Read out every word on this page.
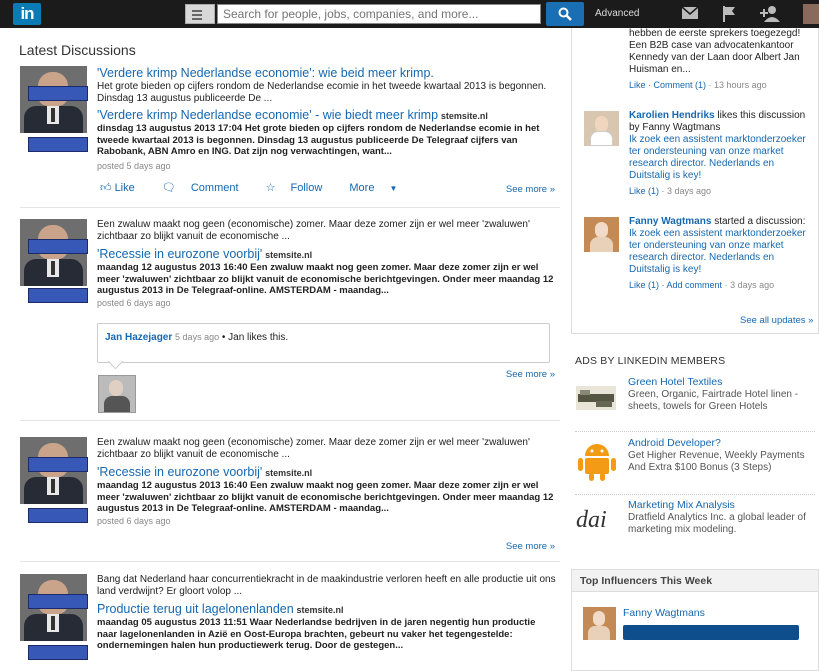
in
Search for people, jobs, companies, and more...	Advanced
Latest Discussions
'Verdere krimp Nederlandse economie': wie beid meer krimp.
Het grote bieden op cijfers rondom de Nederlandse ecomie in het tweede kwartaal 2013 is begonnen. Dinsdag 13 augustus publiceerde De ...
'Verdere krimp Nederlandse economie' - wie biedt meer krimp stemsite.nl
dinsdag 13 augustus 2013 17:04 Het grote bieden op cijfers rondom de Nederlandse ecomie in het tweede kwartaal 2013 is begonnen. Dinsdag 13 augustus publiceerde De Telegraaf cijfers van Rabobank, ABN Amro en ING. Dat zijn nog verwachtingen, want...
posted 5 days ago
👍︎ Like 🗨︎ Comment ☆ Follow More ▼	See more »
Een zwaluw maakt nog geen (economische) zomer. Maar deze zomer zijn er wel meer 'zwaluwen' zichtbaar zo blijkt vanuit de economische ...
'Recessie in eurozone voorbij' stemsite.nl
maandag 12 augustus 2013 16:40 Een zwaluw maakt nog geen zomer. Maar deze zomer zijn er wel meer 'zwaluwen' zichtbaar zo blijkt vanuit de economische berichtgevingen. Onder meer maandag 12 augustus 2013 in De Telegraaf-online. AMSTERDAM - maandag...
posted 6 days ago
Jan Hazejager 5 days ago • Jan likes this.
See more »
Een zwaluw maakt nog geen (economische) zomer. Maar deze zomer zijn er wel meer 'zwaluwen' zichtbaar zo blijkt vanuit de economische ...
'Recessie in eurozone voorbij' stemsite.nl
maandag 12 augustus 2013 16:40 Een zwaluw maakt nog geen zomer. Maar deze zomer zijn er wel meer 'zwaluwen' zichtbaar zo blijkt vanuit de economische berichtgevingen. Onder meer maandag 12 augustus 2013 in De Telegraaf-online. AMSTERDAM - maandag...
posted 6 days ago
See more »
Bang dat Nederland haar concurrentiekracht in de maakindustrie verloren heeft en alle productie uit ons land verdwijnt? Er gloort volop ...
Productie terug uit lagelonenlanden stemsite.nl
maandag 05 augustus 2013 11:51 Waar Nederlandse bedrijven in de jaren negentig hun productie naar lagelonenlanden in Azië en Oost-Europa brachten, gebeurt nu vaker het tegengestelde: ondernemingen halen hun productiewerk terug. Door de gestegen...
hebben de eerste sprekers toegezegd! Een B2B case van advocatenkantoor Kennedy van der Laan door Albert Jan Huisman en...
Like · Comment (1) · 13 hours ago
Karolien Hendriks likes this discussion by Fanny Wagtmans
Ik zoek een assistent marktonderzoeker ter ondersteuning van onze market research director. Nederlands en Duitstalig is key!
Like (1) · 3 days ago
Fanny Wagtmans started a discussion:
Ik zoek een assistent marktonderzoeker ter ondersteuning van onze market research director. Nederlands en Duitstalig is key!
Like (1) · Add comment · 3 days ago
See all updates »
ADS BY LINKEDIN MEMBERS
Green Hotel Textiles
Green, Organic, Fairtrade Hotel linen - sheets, towels for Green Hotels
Android Developer?
Get Higher Revenue, Weekly Payments And Extra $100 Bonus (3 Steps)
dai
Marketing Mix Analysis
Dratfield Analytics Inc. a global leader of marketing mix modeling.
Top Influencers This Week
Fanny Wagtmans
